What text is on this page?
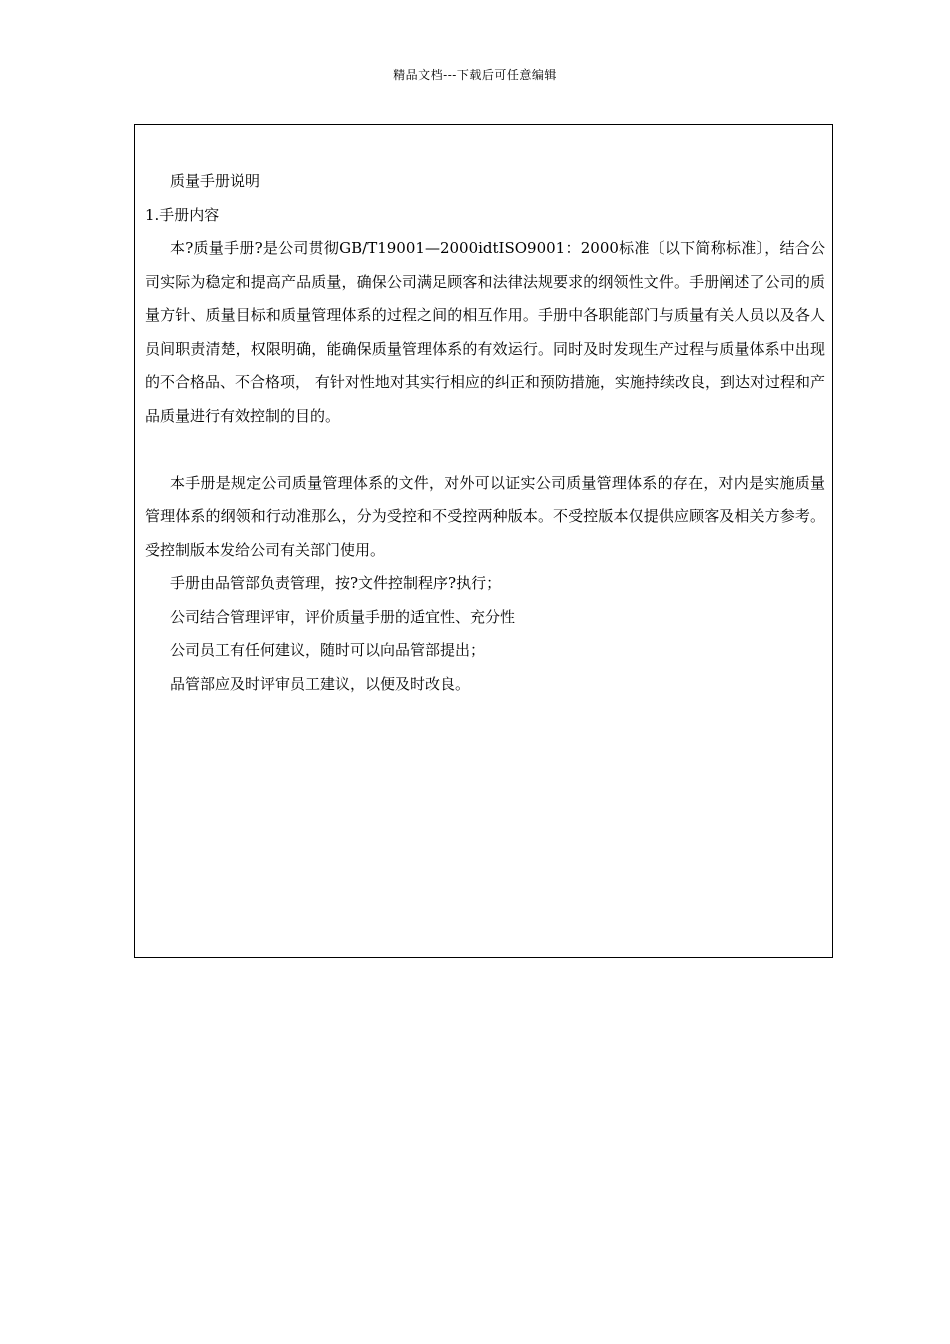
精品文档---下载后可任意编辑

质量手册说明

1.手册内容

本?质量手册?是公司贯彻GB/T19001—2000idtISO9001：2000标准〔以下简称标准〕，结合公司实际为稳定和提高产品质量，确保公司满足顾客和法律法规要求的纲领性文件。手册阐述了公司的质量方针、质量目标和质量管理体系的过程之间的相互作用。手册中各职能部门与质量有关人员以及各人员间职责清楚，权限明确，能确保质量管理体系的有效运行。同时及时发现生产过程与质量体系中出现的不合格品、不合格项， 有针对性地对其实行相应的纠正和预防措施，实施持续改良，到达对过程和产品质量进行有效控制的目的。

本手册是规定公司质量管理体系的文件，对外可以证实公司质量管理体系的存在，对内是实施质量管理体系的纲领和行动准那么，分为受控和不受控两种版本。不受控版本仅提供应顾客及相关方参考。受控制版本发给公司有关部门使用。

手册由品管部负责管理，按?文件控制程序?执行；

公司结合管理评审，评价质量手册的适宜性、充分性

公司员工有任何建议，随时可以向品管部提出；

品管部应及时评审员工建议，以便及时改良。
